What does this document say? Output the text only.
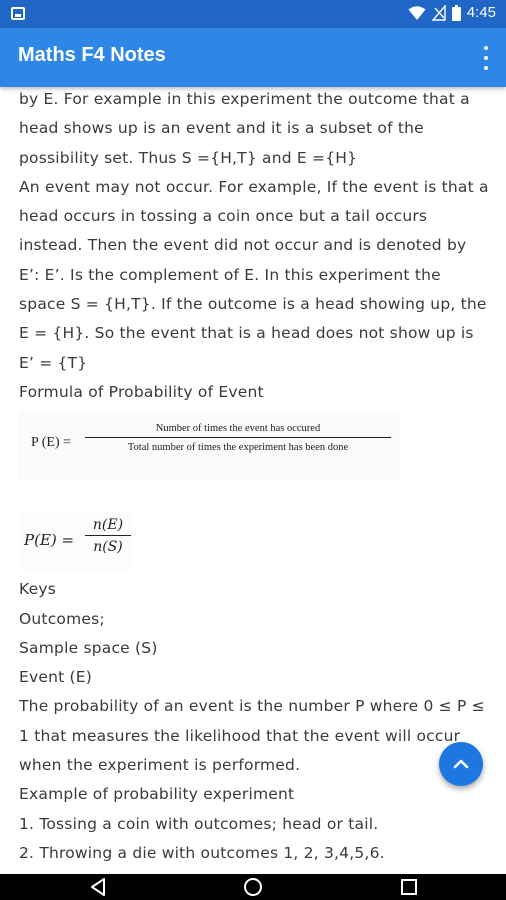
4:45
Maths F4 Notes

by E. For example in this experiment the outcome that a head shows up is an event and it is a subset of the possibility set. Thus S ={H,T} and E ={H}

An event may not occur. For example, If the event is that a head occurs in tossing a coin once but a tail occurs instead. Then the event did not occur and is denoted by E’: E’. Is the complement of E. In this experiment the space S = {H,T}. If the outcome is a head showing up, the E = {H}. So the event that is a head does not show up is E’ = {T}

Formula of Probability of Event

P (E) =
Number of times the event has occured
Total number of times the experiment has been done
$P(E) = \frac{n(E)}{n(S)}$

Keys

Outcomes;

Sample space (S)

Event (E)

The probability of an event is the number P where 0 ≤ P ≤ 1 that measures the likelihood that the event will occur when the experiment is performed.

Example of probability experiment

1. Tossing a coin with outcomes; head or tail.

2. Throwing a die with outcomes 1, 2, 3,4,5,6.
